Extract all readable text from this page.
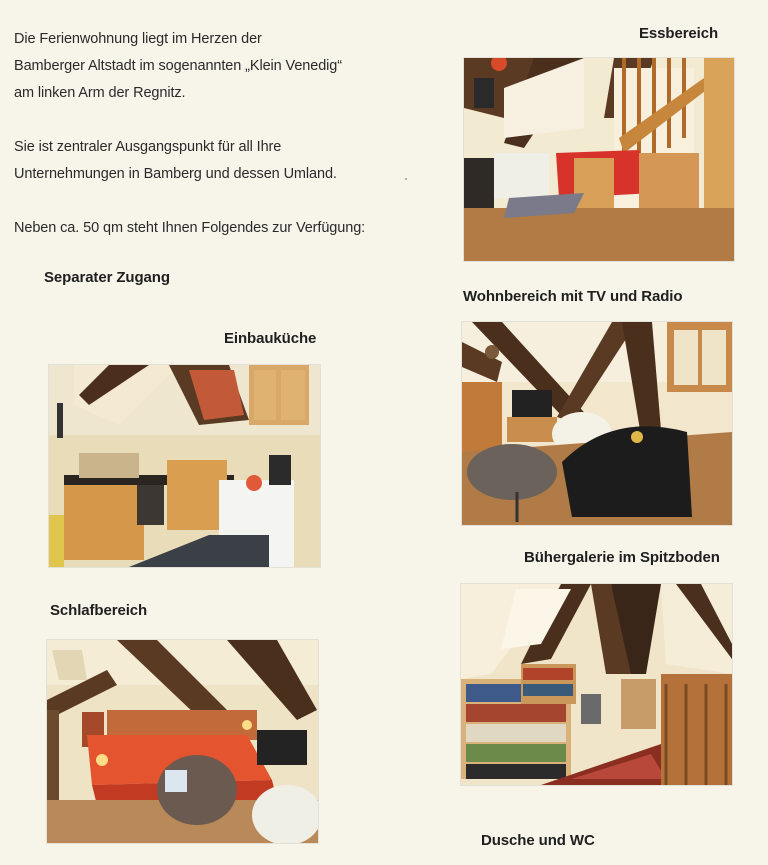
Die Ferienwohnung liegt im Herzen der
Bamberger Altstadt im sogenannten „Klein Venedig“
am linken Arm der Regnitz.

Sie ist zentraler Ausgangspunkt für all Ihre
Unternehmungen in Bamberg und dessen Umland.

Neben ca. 50 qm steht Ihnen Folgendes zur Verfügung:

Separater Zugang
Einbauküche
Schlafbereich
Essbereich
Wohnbereich mit TV und Radio
Bühergalerie im Spitzboden
Dusche und WC
